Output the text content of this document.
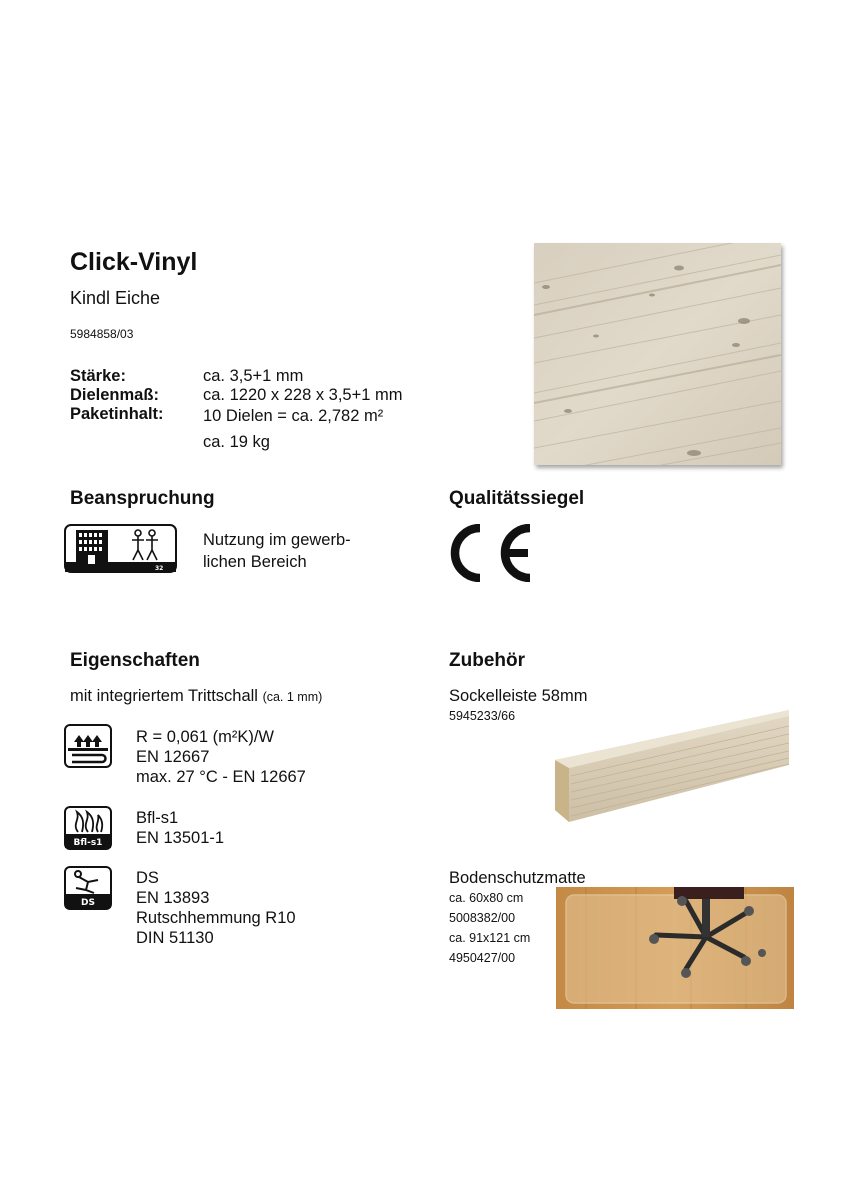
Click-Vinyl
Kindl Eiche
5984858/03
Stärke:	ca. 3,5+1 mm
Dielenmaß:	ca. 1220 x 228 x 3,5+1 mm
Paketinhalt: 10 Dielen = ca. 2,782 m²
ca. 19 kg
Beanspruchung
32
Nutzung im gewerb-
lichen Bereich
Qualitätssiegel
Eigenschaften
mit integriertem Trittschall (ca. 1 mm)
R = 0,061 (m²K)/W
EN 12667
max. 27 °C - EN 12667
Bfl-s1
Bfl-s1
EN 13501-1
DS
DS
EN 13893
Rutschhemmung R10
DIN 51130
Zubehör
Sockelleiste 58mm
5945233/66
Bodenschutzmatte
ca. 60x80 cm
5008382/00
ca. 91x121 cm
4950427/00
